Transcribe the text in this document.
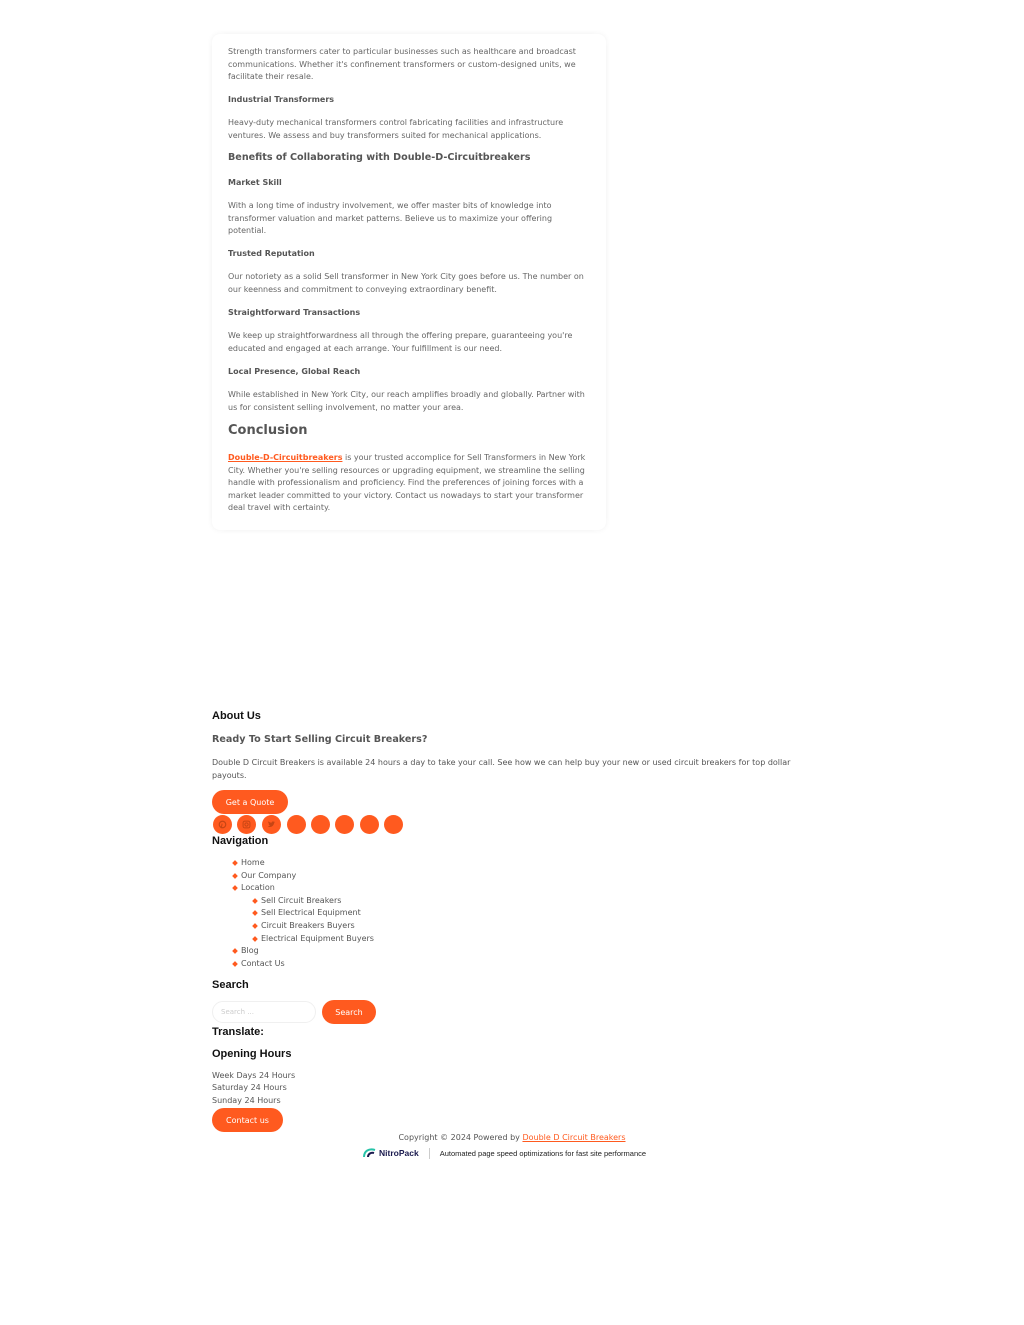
Strength transformers cater to particular businesses such as healthcare and broadcast communications. Whether it's confinement transformers or custom-designed units, we facilitate their resale.

Industrial Transformers

Heavy-duty mechanical transformers control fabricating facilities and infrastructure ventures. We assess and buy transformers suited for mechanical applications.

Benefits of Collaborating with Double-D-Circuitbreakers

Market Skill

With a long time of industry involvement, we offer master bits of knowledge into transformer valuation and market patterns. Believe us to maximize your offering potential.

Trusted Reputation

Our notoriety as a solid Sell transformer in New York City goes before us. The number on our keenness and commitment to conveying extraordinary benefit.

Straightforward Transactions

We keep up straightforwardness all through the offering prepare, guaranteeing you're educated and engaged at each arrange. Your fulfillment is our need.

Local Presence, Global Reach

While established in New York City, our reach amplifies broadly and globally. Partner with us for consistent selling involvement, no matter your area.

Conclusion

Double-D-Circuitbreakers is your trusted accomplice for Sell Transformers in New York City. Whether you're selling resources or upgrading equipment, we streamline the selling handle with professionalism and proficiency. Find the preferences of joining forces with a market leader committed to your victory. Contact us nowadays to start your transformer deal travel with certainty.

About Us
Ready To Start Selling Circuit Breakers?
Double D Circuit Breakers is available 24 hours a day to take your call. See how we can help buy your new or used circuit breakers for top dollar payouts.
Get a Quote
Navigation
Home
Our Company
Location
Sell Circuit Breakers
Sell Electrical Equipment
Circuit Breakers Buyers
Electrical Equipment Buyers
Blog
Contact Us
Search
Search ...	Search
Translate:
Opening Hours
Week Days 24 Hours
Saturday 24 Hours
Sunday 24 Hours
Contact us
Copyright © 2024 Powered by Double D Circuit Breakers
NitroPack	Automated page speed optimizations for fast site performance
